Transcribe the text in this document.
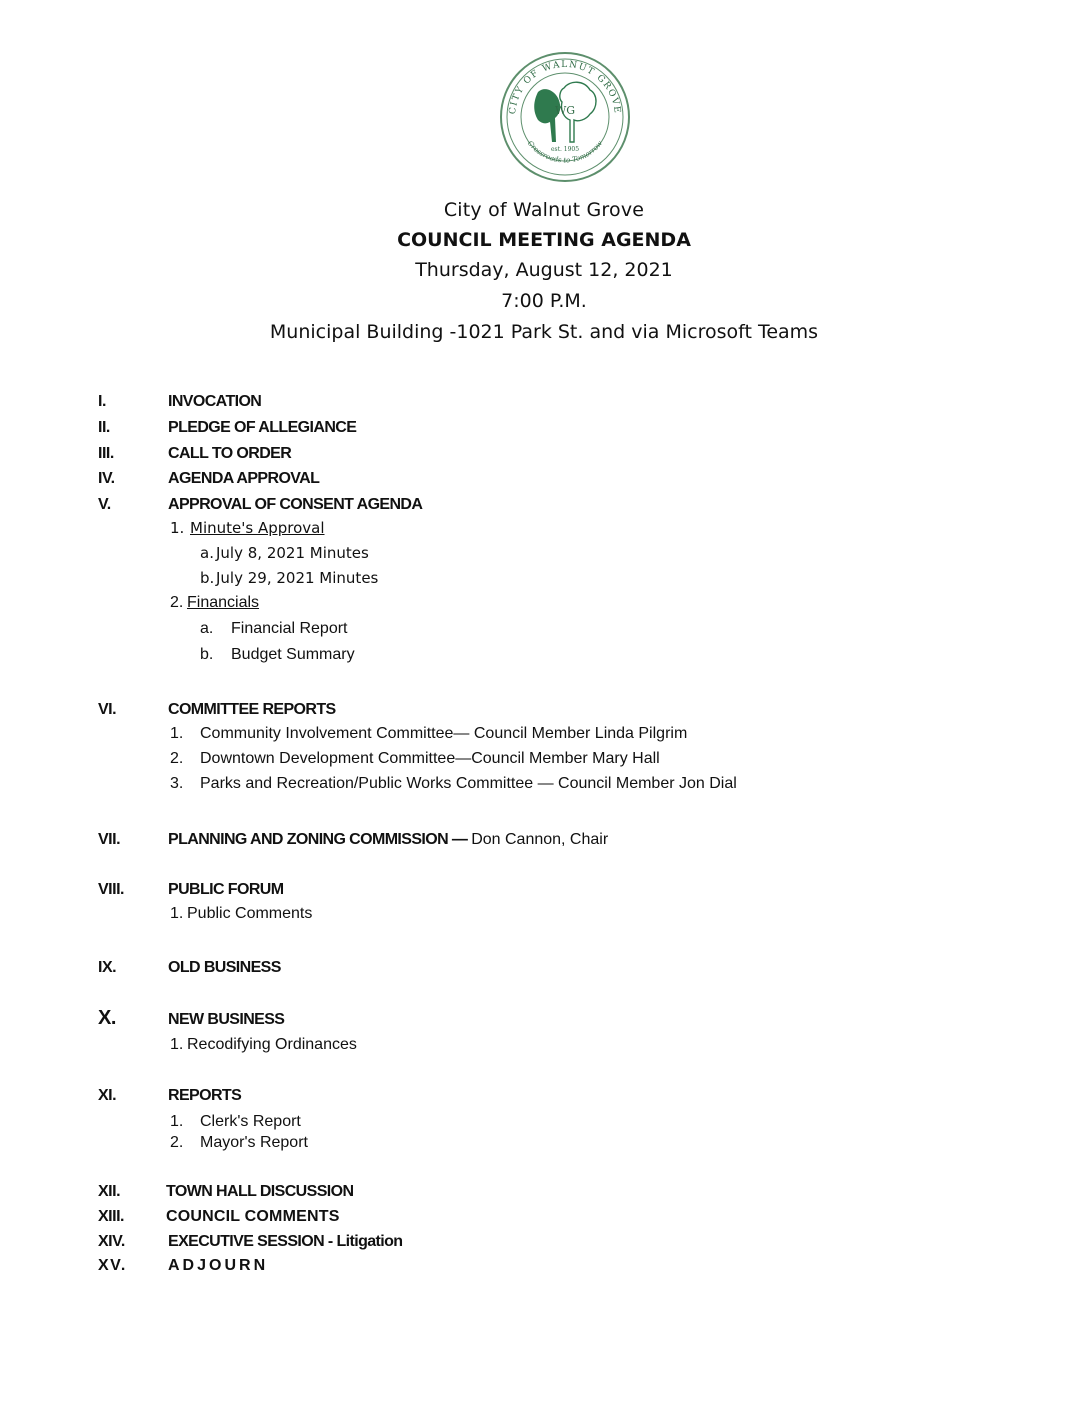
CITY OF WALNUT GROVE
Crossroads to Tomorrow
WG
est. 1905
City of Walnut Grove
COUNCIL MEETING AGENDA
Thursday, August 12, 2021
7:00 P.M.
Municipal Building -1021 Park St. and via Microsoft Teams
I.	INVOCATION
II.	PLEDGE OF ALLEGIANCE
III.	CALL TO ORDER
IV.	AGENDA APPROVAL
V.	APPROVAL OF CONSENT AGENDA
1. Minute's Approval
a. July 8, 2021 Minutes
b. July 29, 2021 Minutes
2. Financials
a. Financial Report
b. Budget Summary
VI.	COMMITTEE REPORTS
1. Community Involvement Committee— Council Member Linda Pilgrim
2. Downtown Development Committee—Council Member Mary Hall
3. Parks and Recreation/Public Works Committee — Council Member Jon Dial
VII.	PLANNING AND ZONING COMMISSION — Don Cannon, Chair
VIII.	PUBLIC FORUM
1. Public Comments
IX.	OLD BUSINESS
X.	NEW BUSINESS
1. Recodifying Ordinances
XI.	REPORTS
1. Clerk's Report
2. Mayor's Report
XII.	TOWN HALL DISCUSSION
XIII.	COUNCIL COMMENTS
XIV.	EXECUTIVE SESSION - Litigation
XV.	ADJOURN
